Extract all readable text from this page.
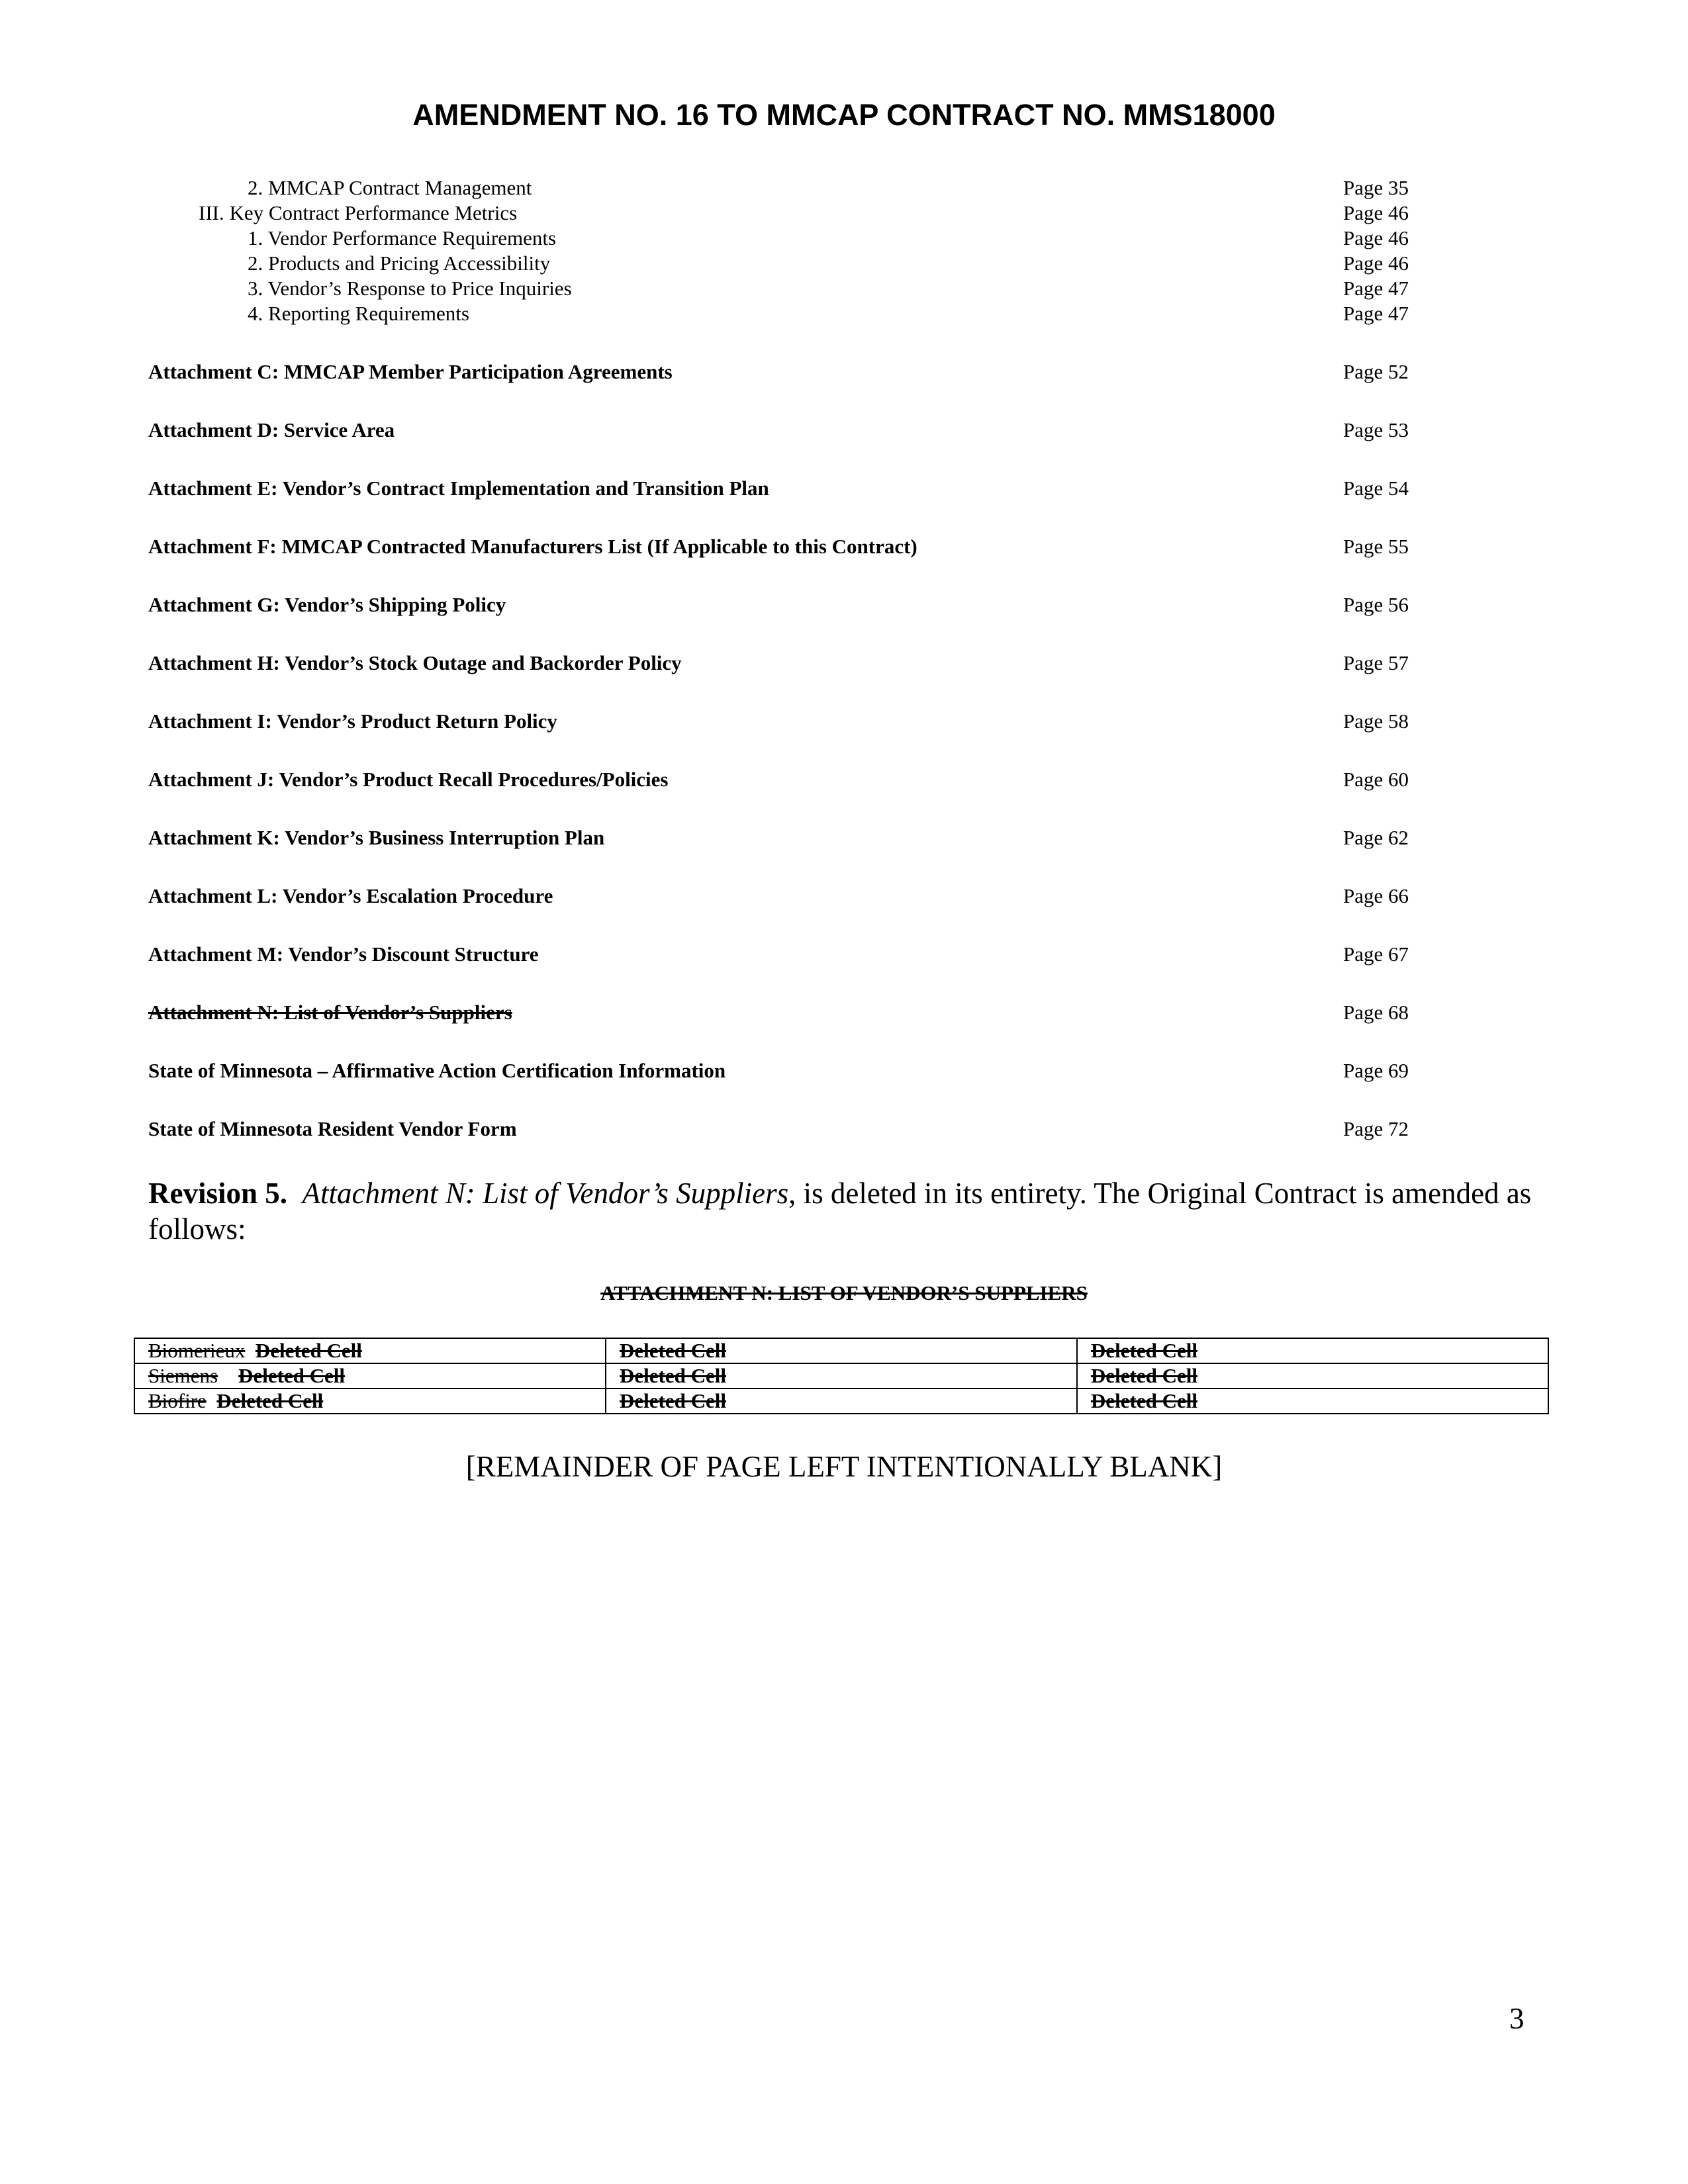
AMENDMENT NO. 16 TO MMCAP CONTRACT NO. MMS18000
2. MMCAP Contract Management	Page 35
III. Key Contract Performance Metrics	Page 46
1. Vendor Performance Requirements	Page 46
2. Products and Pricing Accessibility	Page 46
3. Vendor’s Response to Price Inquiries	Page 47
4. Reporting Requirements	Page 47
Attachment C: MMCAP Member Participation Agreements	Page 52
Attachment D: Service Area	Page 53
Attachment E: Vendor’s Contract Implementation and Transition Plan	Page 54
Attachment F: MMCAP Contracted Manufacturers List (If Applicable to this Contract)	Page 55
Attachment G: Vendor’s Shipping Policy	Page 56
Attachment H: Vendor’s Stock Outage and Backorder Policy	Page 57
Attachment I: Vendor’s Product Return Policy	Page 58
Attachment J: Vendor’s Product Recall Procedures/Policies	Page 60
Attachment K: Vendor’s Business Interruption Plan	Page 62
Attachment L: Vendor’s Escalation Procedure	Page 66
Attachment M: Vendor’s Discount Structure	Page 67
Attachment N: List of Vendor’s Suppliers	Page 68
State of Minnesota – Affirmative Action Certification Information	Page 69
State of Minnesota Resident Vendor Form	Page 72

Revision 5. Attachment N: List of Vendor’s Suppliers, is deleted in its entirety. The Original Contract is amended as follows:

ATTACHMENT N: LIST OF VENDOR’S SUPPLIERS
Biomerieux Deleted Cell	Deleted Cell	Deleted Cell
Siemens Deleted Cell	Deleted Cell	Deleted Cell
Biofire Deleted Cell	Deleted Cell	Deleted Cell
[REMAINDER OF PAGE LEFT INTENTIONALLY BLANK]
3
